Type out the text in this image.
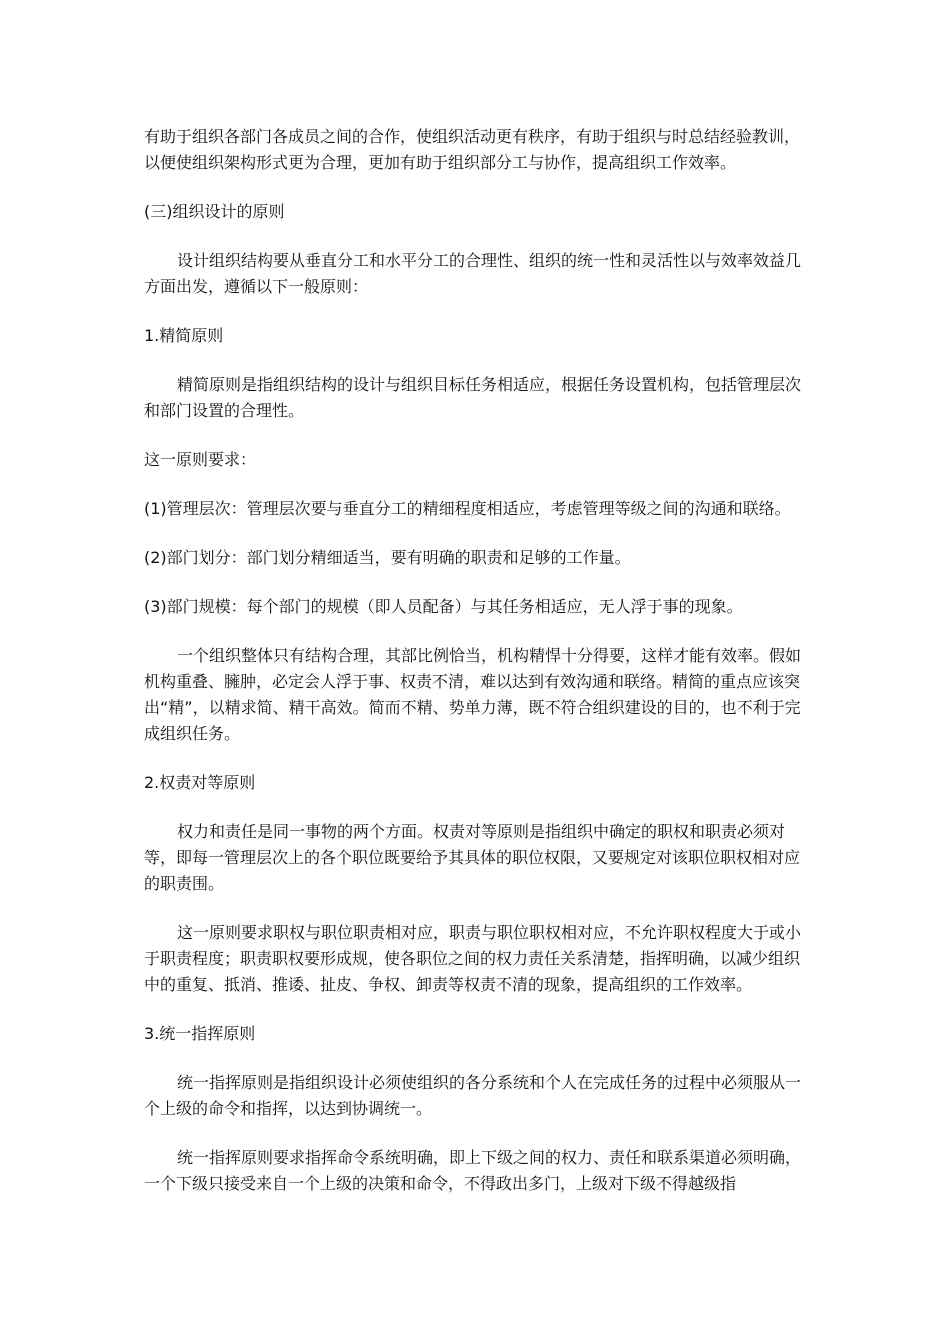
有助于组织各部门各成员之间的合作，使组织活动更有秩序，有助于组织与时总结经验教训，以便使组织架构形式更为合理，更加有助于组织部分工与协作，提高组织工作效率。

(三)组织设计的原则

设计组织结构要从垂直分工和水平分工的合理性、组织的统一性和灵活性以与效率效益几方面出发，遵循以下一般原则：

1.精简原则

精简原则是指组织结构的设计与组织目标任务相适应，根据任务设置机构，包括管理层次和部门设置的合理性。

这一原则要求：

(1)管理层次：管理层次要与垂直分工的精细程度相适应，考虑管理等级之间的沟通和联络。

(2)部门划分：部门划分精细适当，要有明确的职责和足够的工作量。

(3)部门规模：每个部门的规模（即人员配备）与其任务相适应，无人浮于事的现象。

一个组织整体只有结构合理，其部比例恰当，机构精悍十分得要，这样才能有效率。假如机构重叠、臃肿，必定会人浮于事、权责不清，难以达到有效沟通和联络。精简的重点应该突出“精”，以精求简、精干高效。简而不精、势单力薄，既不符合组织建设的目的，也不利于完成组织任务。

2.权责对等原则

权力和责任是同一事物的两个方面。权责对等原则是指组织中确定的职权和职责必须对等，即每一管理层次上的各个职位既要给予其具体的职位权限，又要规定对该职位职权相对应的职责围。

这一原则要求职权与职位职责相对应，职责与职位职权相对应，不允许职权程度大于或小于职责程度；职责职权要形成规，使各职位之间的权力责任关系清楚，指挥明确，以减少组织中的重复、抵消、推诿、扯皮、争权、卸责等权责不清的现象，提高组织的工作效率。

3.统一指挥原则

统一指挥原则是指组织设计必须使组织的各分系统和个人在完成任务的过程中必须服从一个上级的命令和指挥，以达到协调统一。

统一指挥原则要求指挥命令系统明确，即上下级之间的权力、责任和联系渠道必须明确，一个下级只接受来自一个上级的决策和命令，不得政出多门，上级对下级不得越级指
